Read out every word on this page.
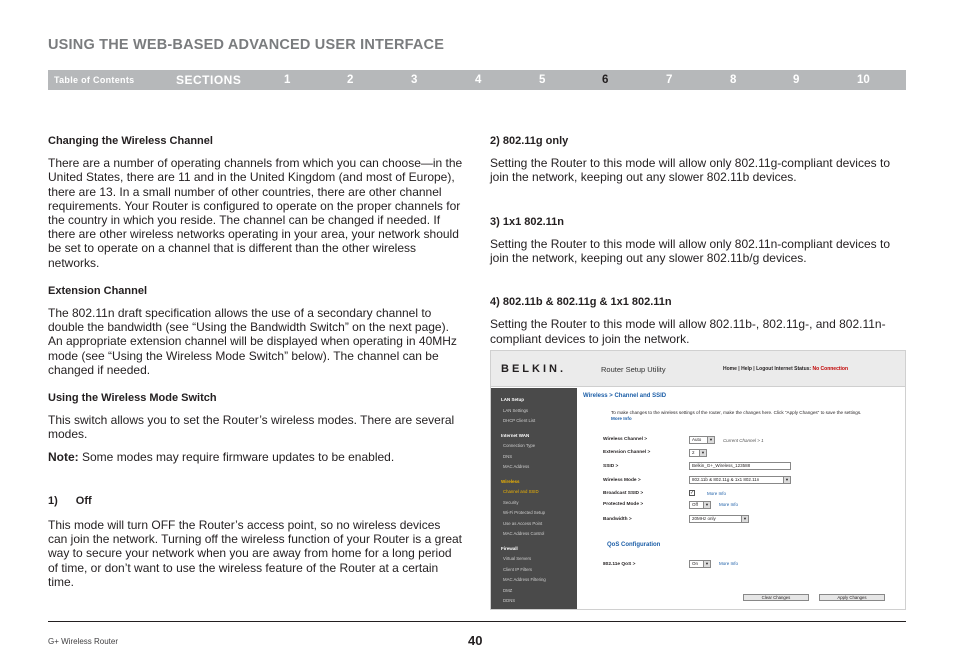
USING THE WEB-BASED ADVANCED USER INTERFACE
Table of Contents	SECTIONS	1	2	3	4	5	6	7	8	9	10
Changing the Wireless Channel
There are a number of operating channels from which you can choose—in the United States, there are 11 and in the United Kingdom (and most of Europe), there are 13. In a small number of other countries, there are other channel requirements. Your Router is configured to operate on the proper channels for the country in which you reside. The channel can be changed if needed. If there are other wireless networks operating in your area, your network should be set to operate on a channel that is different than the other wireless networks.
Extension Channel
The 802.11n draft specification allows the use of a secondary channel to double the bandwidth (see “Using the Bandwidth Switch” on the next page). An appropriate extension channel will be displayed when operating in 40MHz mode (see “Using the Wireless Mode Switch” below). The channel can be changed if needed.
Using the Wireless Mode Switch
This switch allows you to set the Router’s wireless modes. There are several modes.
Note: Some modes may require firmware updates to be enabled.
1) Off
This mode will turn OFF the Router’s access point, so no wireless devices can join the network. Turning off the wireless function of your Router is a great way to secure your network when you are away from home for a long period of time, or don’t want to use the wireless feature of the Router at a certain time.
2) 802.11g only
Setting the Router to this mode will allow only 802.11g-compliant devices to join the network, keeping out any slower 802.11b devices.
3) 1x1 802.11n
Setting the Router to this mode will allow only 802.11n-compliant devices to join the network, keeping out any slower 802.11b/g devices.
4) 802.11b & 802.11g & 1x1 802.11n
Setting the Router to this mode will allow 802.11b-, 802.11g-, and 802.11n-compliant devices to join the network.
BELKIN.	Router Setup Utility	Home | Help | Logout Internet Status: No Connection
LAN Setup
LAN Settings
DHCP Client List
Internet WAN
Connection Type
DNS
MAC Address
Wireless
Channel and SSID
Security
Wi-Fi Protected Setup
Use as Access Point
MAC Address Control
Firewall
Virtual Servers
Client IP Filters
MAC Address Filtering
DMZ
DDNS
Wireless > Channel and SSID
To make changes to the wireless settings of the router, make the changes here. Click "Apply Changes" to save the settings. More Info
Wireless Channel >	Auto	▼ Current Channel > 1
Extension Channel >	2	▼
SSID >	Belkin_G+_Wireless_123588
Wireless Mode >	802.11b & 802.11g & 1x1 802.11n	▼
Broadcast SSID >	✓	More Info
Protected Mode >	Off	▼ More Info
Bandwidth >	20MHz only	▼
QoS Configuration
802.11e QoS >	On	▼ More Info
Clear Changes	Apply Changes
G+ Wireless Router	40
